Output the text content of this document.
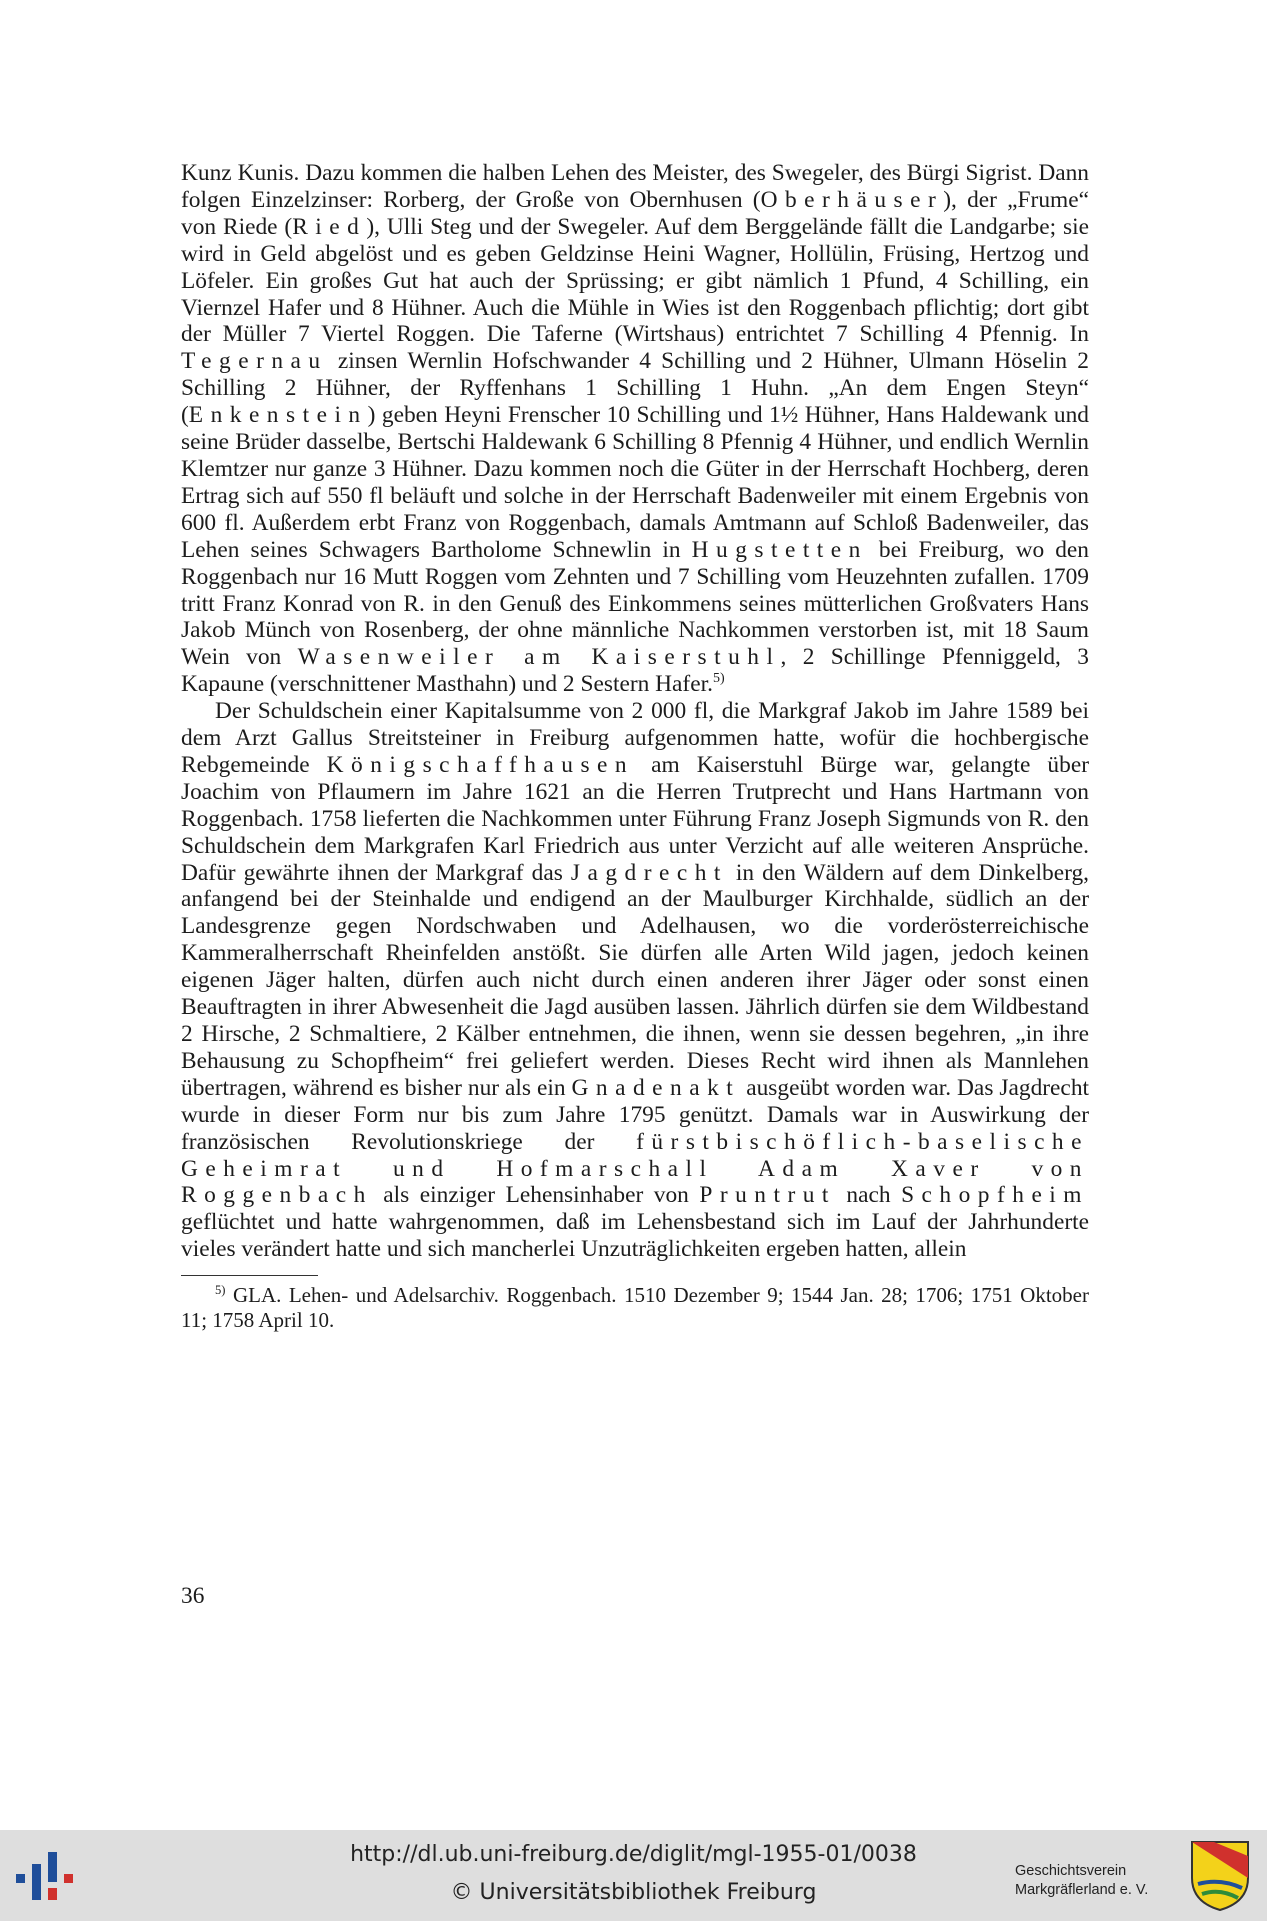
Kunz Kunis. Dazu kommen die halben Lehen des Meister, des Swegeler, des Bürgi Sigrist. Dann folgen Einzelzinser: Rorberg, der Große von Obernhusen (Oberhäuser), der „Frume“ von Riede (Ried), Ulli Steg und der Swegeler. Auf dem Berggelände fällt die Landgarbe; sie wird in Geld abgelöst und es geben Geldzinse Heini Wagner, Hollülin, Früsing, Hertzog und Löfeler. Ein großes Gut hat auch der Sprüssing; er gibt nämlich 1 Pfund, 4 Schilling, ein Viernzel Hafer und 8 Hühner. Auch die Mühle in Wies ist den Roggenbach pflichtig; dort gibt der Müller 7 Viertel Roggen. Die Taferne (Wirtshaus) entrichtet 7 Schilling 4 Pfennig. In Tegernau zinsen Wernlin Hofschwander 4 Schilling und 2 Hühner, Ulmann Höselin 2 Schilling 2 Hühner, der Ryffenhans 1 Schilling 1 Huhn. „An dem Engen Steyn“ (Enkenstein) geben Heyni Frenscher 10 Schilling und 1½ Hühner, Hans Haldewank und seine Brüder dasselbe, Bertschi Haldewank 6 Schilling 8 Pfennig 4 Hühner, und endlich Wernlin Klemtzer nur ganze 3 Hühner. Dazu kommen noch die Güter in der Herrschaft Hochberg, deren Ertrag sich auf 550 fl beläuft und solche in der Herrschaft Badenweiler mit einem Ergebnis von 600 fl. Außerdem erbt Franz von Roggenbach, damals Amtmann auf Schloß Badenweiler, das Lehen seines Schwagers Bartholome Schnewlin in Hugstetten bei Freiburg, wo den Roggenbach nur 16 Mutt Roggen vom Zehnten und 7 Schilling vom Heuzehnten zufallen. 1709 tritt Franz Konrad von R. in den Genuß des Einkommens seines mütterlichen Großvaters Hans Jakob Münch von Rosenberg, der ohne männliche Nachkommen verstorben ist, mit 18 Saum Wein von Wasenweiler am Kaiserstuhl, 2 Schillinge Pfenniggeld, 3 Kapaune (verschnittener Masthahn) und 2 Sestern Hafer.$^{5)}$

Der Schuldschein einer Kapitalsumme von 2 000 fl, die Markgraf Jakob im Jahre 1589 bei dem Arzt Gallus Streitsteiner in Freiburg aufgenommen hatte, wofür die hochbergische Rebgemeinde Königschaffhausen am Kaiserstuhl Bürge war, gelangte über Joachim von Pflaumern im Jahre 1621 an die Herren Trutprecht und Hans Hartmann von Roggenbach. 1758 lieferten die Nachkommen unter Führung Franz Joseph Sigmunds von R. den Schuldschein dem Markgrafen Karl Friedrich aus unter Verzicht auf alle weiteren Ansprüche. Dafür gewährte ihnen der Markgraf das Jagdrecht in den Wäldern auf dem Dinkelberg, anfangend bei der Steinhalde und endigend an der Maulburger Kirchhalde, südlich an der Landesgrenze gegen Nordschwaben und Adelhausen, wo die vorderösterreichische Kammeralherrschaft Rheinfelden anstößt. Sie dürfen alle Arten Wild jagen, jedoch keinen eigenen Jäger halten, dürfen auch nicht durch einen anderen ihrer Jäger oder sonst einen Beauftragten in ihrer Abwesenheit die Jagd ausüben lassen. Jährlich dürfen sie dem Wildbestand 2 Hirsche, 2 Schmaltiere, 2 Kälber entnehmen, die ihnen, wenn sie dessen begehren, „in ihre Behausung zu Schopfheim“ frei geliefert werden. Dieses Recht wird ihnen als Mannlehen übertragen, während es bisher nur als ein Gnadenakt ausgeübt worden war. Das Jagdrecht wurde in dieser Form nur bis zum Jahre 1795 genützt. Damals war in Auswirkung der französischen Revolutionskriege der fürstbischöflich-baselische Geheimrat und Hofmarschall Adam Xaver von Roggenbach als einziger Lehensinhaber von Pruntrut nach Schopfheim geflüchtet und hatte wahrgenommen, daß im Lehensbestand sich im Lauf der Jahrhunderte vieles verändert hatte und sich mancherlei Unzuträglichkeiten ergeben hatten, allein

$^{5)}$ GLA. Lehen- und Adelsarchiv. Roggenbach. 1510 Dezember 9; 1544 Jan. 28; 1706; 1751 Oktober 11; 1758 April 10.

36
http://dl.ub.uni-freiburg.de/diglit/mgl-1955-01/0038
© Universitätsbibliothek Freiburg
Geschichtsverein
Markgräflerland e. V.
